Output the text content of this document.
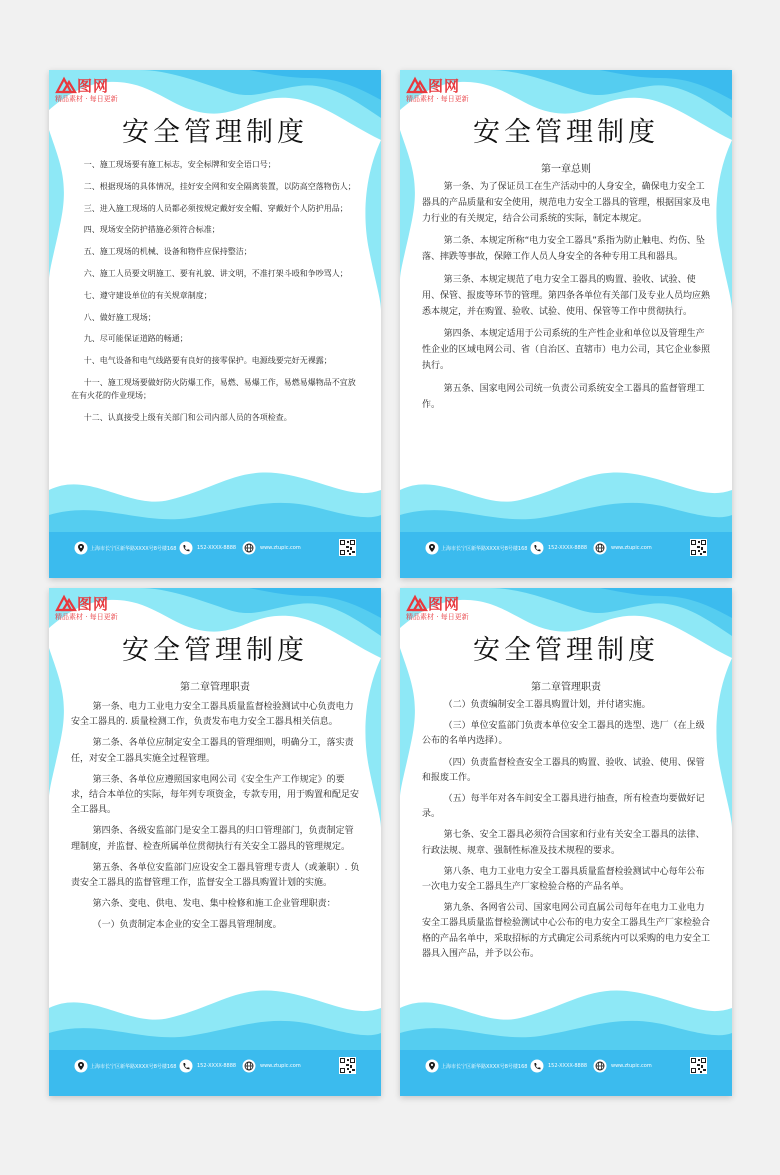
图网
精品素材 · 每日更新
安全管理制度

一、施工现场要有施工标志，安全标牌和安全语口号；

二、根据现场的具体情况，挂好安全网和安全隔离装置，以防高空落物伤人；

三、进入施工现场的人员都必须按规定戴好安全帽、穿戴好个人防护用品；

四、现场安全防护措施必须符合标准；

五、施工现场的机械、设备和物件应保持整洁；

六、施工人员要文明施工、要有礼貌、讲文明，不准打架斗殴和争吵骂人；

七、遵守建设单位的有关规章制度；

八、做好施工现场；

九、尽可能保证道路的畅通；

十、电气设备和电气线路要有良好的接零保护。电源线要完好无裸露；

十一、施工现场要做好防火防爆工作，易燃、易爆工作，易燃易爆物品不宜放在有火花的作业现场；

十二、认真接受上级有关部门和公司内部人员的各项检查。

上海市长宁区新华路XXXX号8号楼168	152-XXXX-8888	www.ztupic.com
图网
精品素材 · 每日更新
安全管理制度
第一章总则

第一条、为了保证员工在生产活动中的人身安全，确保电力安全工器具的产品质量和安全使用，规范电力安全工器具的管理，根据国家及电力行业的有关规定，结合公司系统的实际，制定本规定。

第二条、本规定所称“电力安全工器具”系指为防止触电、灼伤、坠落、摔跌等事故，保障工作人员人身安全的各种专用工具和器具。

第三条、本规定规范了电力安全工器具的购置、验收、试验、使用、保管、报废等环节的管理。第四条各单位有关部门及专业人员均应熟悉本规定，并在购置、验收、试验、使用、保管等工作中贯彻执行。

第四条、本规定适用于公司系统的生产性企业和单位以及管理生产性企业的区域电网公司、省（自治区、直辖市）电力公司，其它企业参照执行。

第五条、国家电网公司统一负责公司系统安全工器具的监督管理工作。

上海市长宁区新华路XXXX号8号楼168	152-XXXX-8888	www.ztupic.com
图网
精品素材 · 每日更新
安全管理制度
第二章管理职责

第一条、电力工业电力安全工器具质量监督检验测试中心负责电力安全工器具的. 质量检测工作，负责发布电力安全工器具相关信息。

第二条、各单位应制定安全工器具的管理细则，明确分工，落实责任，对安全工器具实施全过程管理。

第三条、各单位应遵照国家电网公司《安全生产工作规定》的要求，结合本单位的实际，每年列专项资金，专款专用，用于购置和配足安全工器具。

第四条、各级安监部门是安全工器具的归口管理部门，负责制定管理制度，并监督、检查所属单位贯彻执行有关安全工器具的管理规定。

第五条、各单位安监部门应设安全工器具管理专责人（或兼职）. 负责安全工器具的监督管理工作，监督安全工器具购置计划的实施。

第六条、变电、供电、发电、集中检修和施工企业管理职责：

（一）负责制定本企业的安全工器具管理制度。

上海市长宁区新华路XXXX号8号楼168	152-XXXX-8888	www.ztupic.com
图网
精品素材 · 每日更新
安全管理制度
第二章管理职责

（二）负责编制安全工器具购置计划，并付诸实施。

（三）单位安监部门负责本单位安全工器具的选型、选厂（在上级公布的名单内选择）。

（四）负责监督检查安全工器具的购置、验收、试验、使用、保管和报废工作。

（五）每半年对各车间安全工器具进行抽查，所有检查均要做好记录。

第七条、安全工器具必须符合国家和行业有关安全工器具的法律、行政法规、规章、强制性标准及技术规程的要求。

第八条、电力工业电力安全工器具质量监督检验测试中心每年公布一次电力安全工器具生产厂家检验合格的产品名单。

第九条、各网省公司、国家电网公司直属公司每年在电力工业电力安全工器具质量监督检验测试中心公布的电力安全工器具生产厂家检验合格的产品名单中，采取招标的方式确定公司系统内可以采购的电力安全工器具入围产品，并予以公布。

上海市长宁区新华路XXXX号8号楼168	152-XXXX-8888	www.ztupic.com
